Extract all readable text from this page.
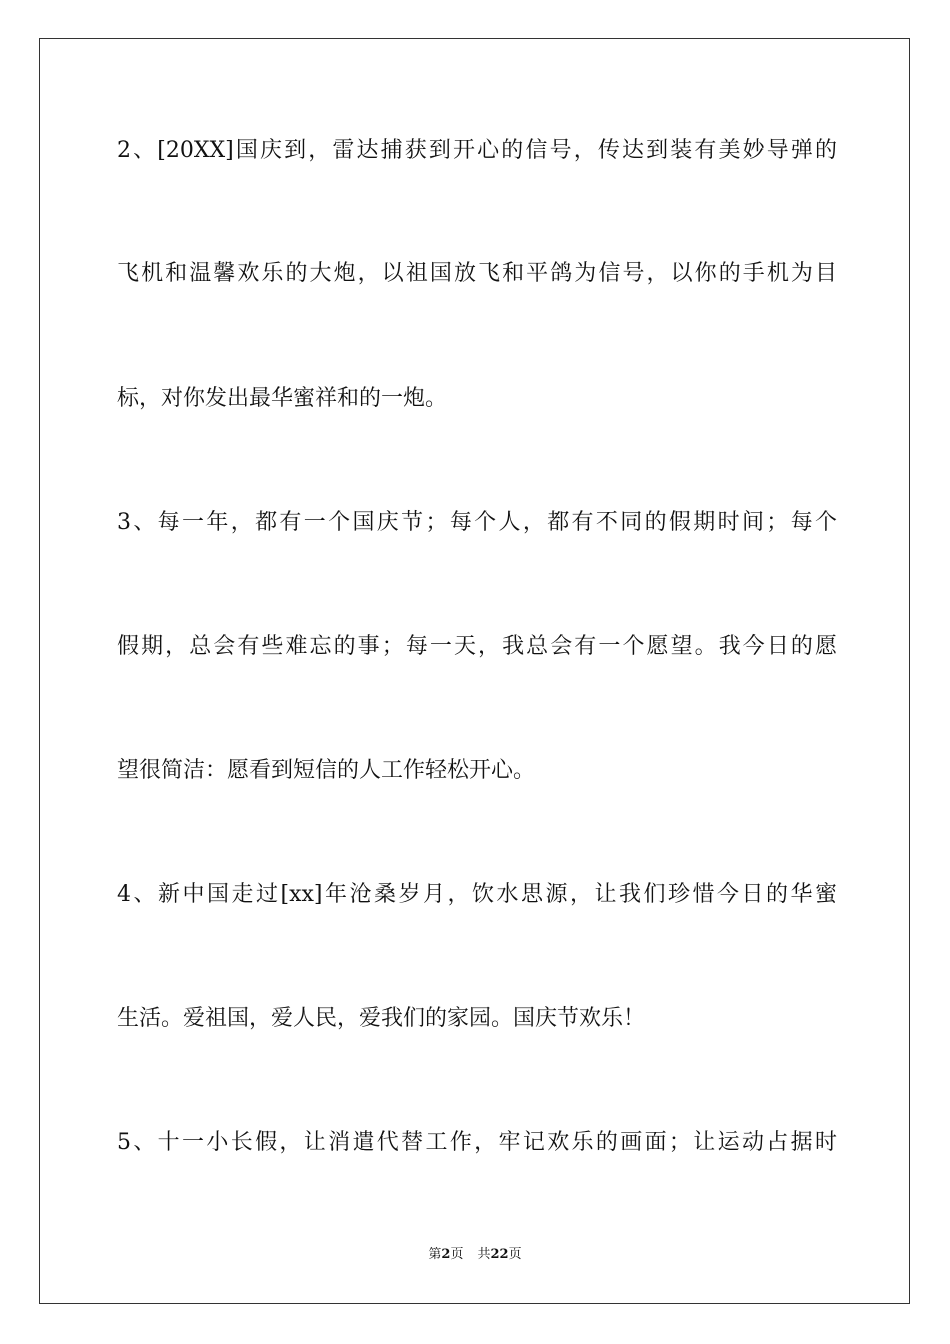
2、[20XX]国庆到，雷达捕获到开心的信号，传达到装有美妙导弹的
飞机和温馨欢乐的大炮，以祖国放飞和平鸽为信号，以你的手机为目
标，对你发出最华蜜祥和的一炮。
3、每一年，都有一个国庆节；每个人，都有不同的假期时间；每个
假期，总会有些难忘的事；每一天，我总会有一个愿望。我今日的愿
望很简洁：愿看到短信的人工作轻松开心。
4、新中国走过[xx]年沧桑岁月，饮水思源，让我们珍惜今日的华蜜
生活。爱祖国，爱人民，爱我们的家园。国庆节欢乐！
5、十一小长假，让消遣代替工作，牢记欢乐的画面；让运动占据时
第2页 共22页
